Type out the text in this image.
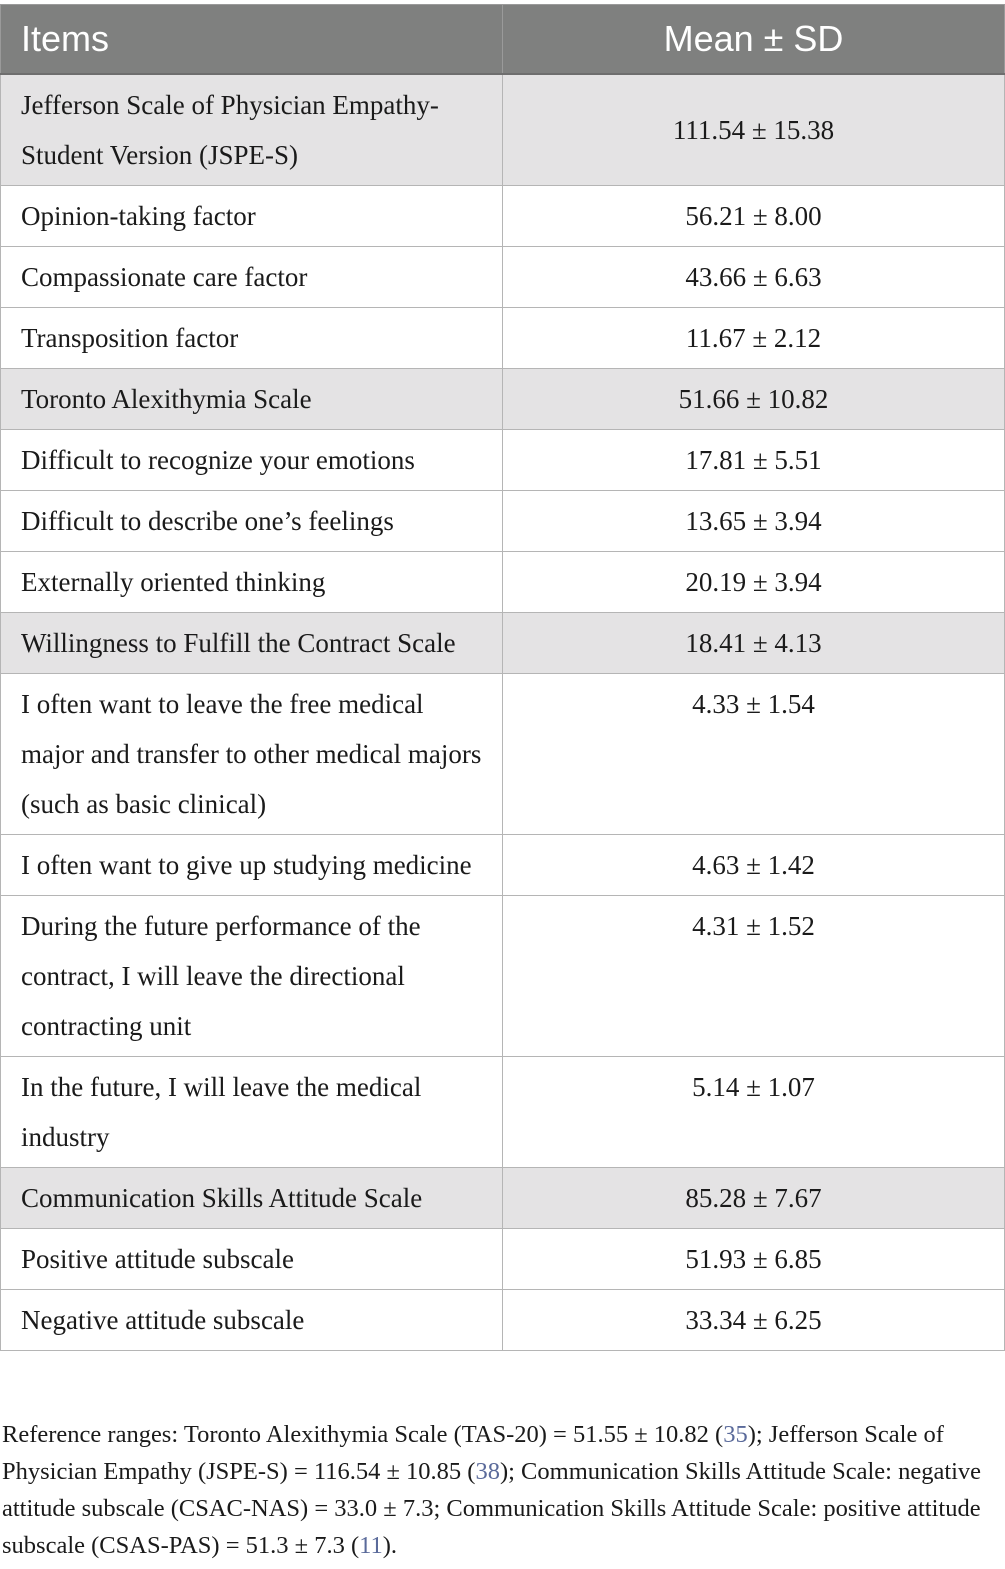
Items	Mean ± SD
Jefferson Scale of Physician Empathy-Student Version (JSPE-S)	111.54 ± 15.38
Opinion-taking factor	56.21 ± 8.00
Compassionate care factor	43.66 ± 6.63
Transposition factor	11.67 ± 2.12
Toronto Alexithymia Scale	51.66 ± 10.82
Difficult to recognize your emotions	17.81 ± 5.51
Difficult to describe one’s feelings	13.65 ± 3.94
Externally oriented thinking	20.19 ± 3.94
Willingness to Fulfill the Contract Scale	18.41 ± 4.13
I often want to leave the free medical major and transfer to other medical majors (such as basic clinical)	4.33 ± 1.54
I often want to give up studying medicine	4.63 ± 1.42
During the future performance of the contract, I will leave the directional contracting unit	4.31 ± 1.52
In the future, I will leave the medical industry	5.14 ± 1.07
Communication Skills Attitude Scale	85.28 ± 7.67
Positive attitude subscale	51.93 ± 6.85
Negative attitude subscale	33.34 ± 6.25
Reference ranges: Toronto Alexithymia Scale (TAS-20) = 51.55 ± 10.82 (35); Jefferson Scale of Physician Empathy (JSPE-S) = 116.54 ± 10.85 (38); Communication Skills Attitude Scale: negative attitude subscale (CSAC-NAS) = 33.0 ± 7.3; Communication Skills Attitude Scale: positive attitude subscale (CSAS-PAS) = 51.3 ± 7.3 (11).
